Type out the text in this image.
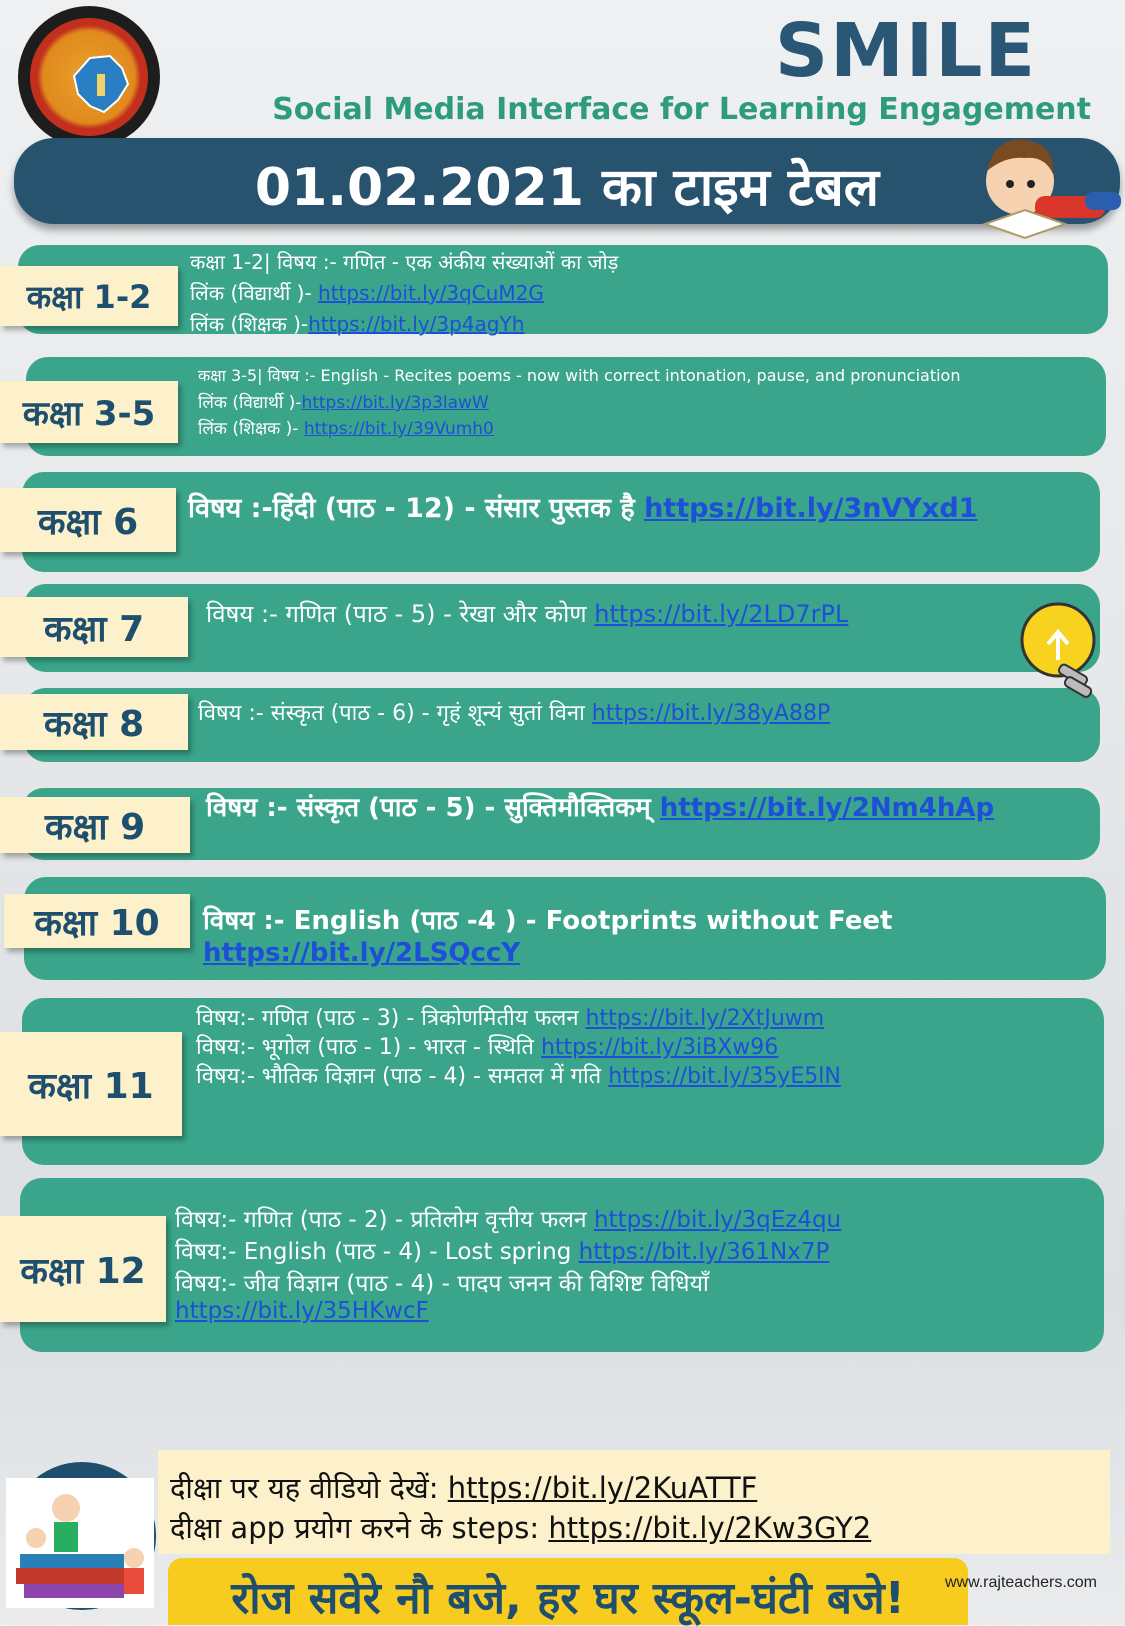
SMILE
Social Media Interface for Learning Engagement
01.02.2021 का टाइम टेबल
कक्षा 1-2
कक्षा 1-2| विषय :- गणित - एक अंकीय संख्याओं का जोड़
लिंक (विद्यार्थी )- https://bit.ly/3qCuM2G
लिंक (शिक्षक )-https://bit.ly/3p4agYh
कक्षा 3-5
कक्षा 3-5| विषय :- English - Recites poems - now with correct intonation, pause, and pronunciation
लिंक (विद्यार्थी )-https://bit.ly/3p3lawW
लिंक (शिक्षक )- https://bit.ly/39Vumh0
कक्षा 6	विषय :-हिंदी (पाठ - 12) - संसार पुस्तक है https://bit.ly/3nVYxd1
कक्षा 7	विषय :- गणित (पाठ - 5) - रेखा और कोण https://bit.ly/2LD7rPL
कक्षा 8	विषय :- संस्कृत (पाठ - 6) - गृहं शून्यं सुतां विना https://bit.ly/38yA88P
कक्षा 9	विषय :- संस्कृत (पाठ - 5) - सुक्तिमौक्तिकम् https://bit.ly/2Nm4hAp
कक्षा 10	विषय :- English (पाठ -4 ) - Footprints without Feet
https://bit.ly/2LSQccY
कक्षा 11
विषय:- गणित (पाठ - 3) - त्रिकोणमितीय फलन https://bit.ly/2XtJuwm
विषय:- भूगोल (पाठ - 1) - भारत - स्थिति https://bit.ly/3iBXw96
विषय:- भौतिक विज्ञान (पाठ - 4) - समतल में गति https://bit.ly/35yE5lN
कक्षा 12
विषय:- गणित (पाठ - 2) - प्रतिलोम वृत्तीय फलन https://bit.ly/3qEz4qu
विषय:- English (पाठ - 4) - Lost spring https://bit.ly/361Nx7P
विषय:- जीव विज्ञान (पाठ - 4) - पादप जनन की विशिष्ट विधियाँ
https://bit.ly/35HKwcF
दीक्षा पर यह वीडियो देखें: https://bit.ly/2KuATTF
दीक्षा app प्रयोग करने के steps: https://bit.ly/2Kw3GY2
रोज सवेरे नौ बजे, हर घर स्कूल-घंटी बजे!	www.rajteachers.com
